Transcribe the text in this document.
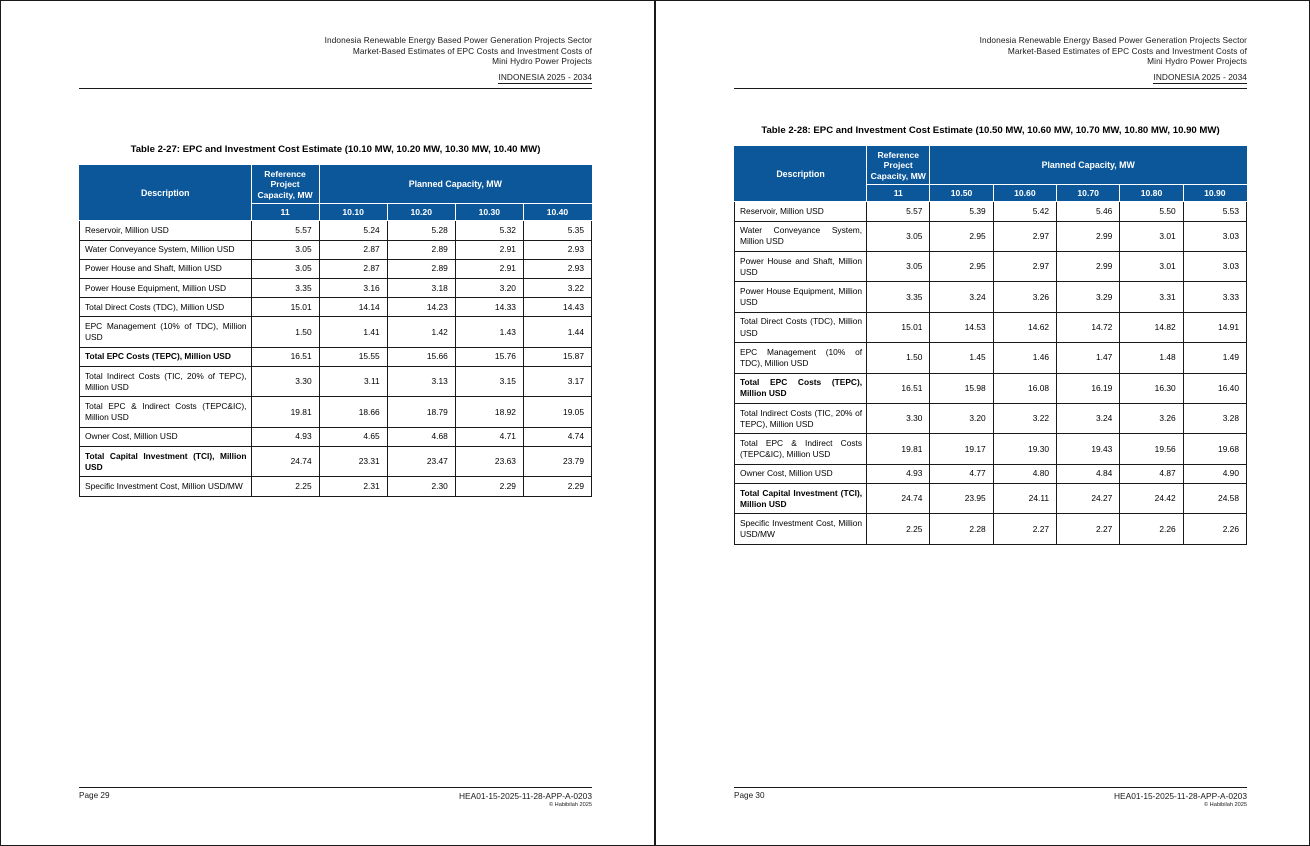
Indonesia Renewable Energy Based Power Generation Projects Sector
Market-Based Estimates of EPC Costs and Investment Costs of
Mini Hydro Power Projects
INDONESIA 2025 - 2034
Table 2-27: EPC and Investment Cost Estimate (10.10 MW, 10.20 MW, 10.30 MW, 10.40 MW)
Description	Reference Project Capacity, MW	Planned Capacity, MW			
	11	10.10	10.20	10.30	10.40
Reservoir, Million USD	5.57	5.24	5.28	5.32	5.35
Water Conveyance System, Million USD	3.05	2.87	2.89	2.91	2.93
Power House and Shaft, Million USD	3.05	2.87	2.89	2.91	2.93
Power House Equipment, Million USD	3.35	3.16	3.18	3.20	3.22
Total Direct Costs (TDC), Million USD	15.01	14.14	14.23	14.33	14.43
EPC Management (10% of TDC), Million USD	1.50	1.41	1.42	1.43	1.44
Total EPC Costs (TEPC), Million USD	16.51	15.55	15.66	15.76	15.87
Total Indirect Costs (TIC, 20% of TEPC), Million USD	3.30	3.11	3.13	3.15	3.17
Total EPC & Indirect Costs (TEPC&IC), Million USD	19.81	18.66	18.79	18.92	19.05
Owner Cost, Million USD	4.93	4.65	4.68	4.71	4.74
Total Capital Investment (TCI), Million USD	24.74	23.31	23.47	23.63	23.79
Specific Investment Cost, Million USD/MW	2.25	2.31	2.30	2.29	2.29
Page 29	HEA01-15-2025-11-28-APP-A-0203
© Habibilah 2025
Indonesia Renewable Energy Based Power Generation Projects Sector
Market-Based Estimates of EPC Costs and Investment Costs of
Mini Hydro Power Projects
INDONESIA 2025 - 2034
Table 2-28: EPC and Investment Cost Estimate (10.50 MW, 10.60 MW, 10.70 MW, 10.80 MW, 10.90 MW)
Description	Reference Project Capacity, MW	Planned Capacity, MW				
	11	10.50	10.60	10.70	10.80	10.90
Reservoir, Million USD	5.57	5.39	5.42	5.46	5.50	5.53
Water Conveyance System, Million USD	3.05	2.95	2.97	2.99	3.01	3.03
Power House and Shaft, Million USD	3.05	2.95	2.97	2.99	3.01	3.03
Power House Equipment, Million USD	3.35	3.24	3.26	3.29	3.31	3.33
Total Direct Costs (TDC), Million USD	15.01	14.53	14.62	14.72	14.82	14.91
EPC Management (10% of TDC), Million USD	1.50	1.45	1.46	1.47	1.48	1.49
Total EPC Costs (TEPC), Million USD	16.51	15.98	16.08	16.19	16.30	16.40
Total Indirect Costs (TIC, 20% of TEPC), Million USD	3.30	3.20	3.22	3.24	3.26	3.28
Total EPC & Indirect Costs (TEPC&IC), Million USD	19.81	19.17	19.30	19.43	19.56	19.68
Owner Cost, Million USD	4.93	4.77	4.80	4.84	4.87	4.90
Total Capital Investment (TCI), Million USD	24.74	23.95	24.11	24.27	24.42	24.58
Specific Investment Cost, Million USD/MW	2.25	2.28	2.27	2.27	2.26	2.26
Page 30	HEA01-15-2025-11-28-APP-A-0203
© Habibilah 2025
